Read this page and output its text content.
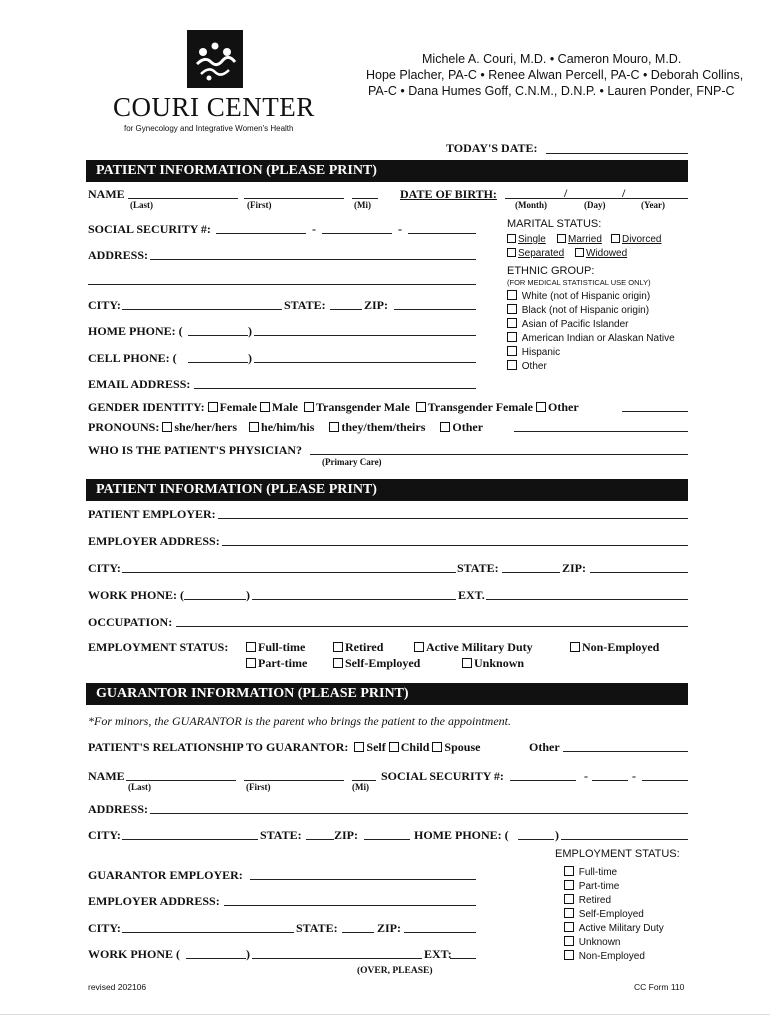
COURI CENTER
for Gynecology and Integrative Women's Health
Michele A. Couri, M.D. • Cameron Mouro, M.D.
Hope Placher, PA-C • Renee Alwan Percell, PA-C • Deborah Collins,
PA-C • Dana Humes Goff, C.N.M., D.N.P. • Lauren Ponder, FNP-C
TODAY'S DATE:
PATIENT INFORMATION (PLEASE PRINT)
NAME
(Last)	(First)	(Mi)
DATE OF BIRTH:	/	/
(Month)	(Day)	(Year)
SOCIAL SECURITY #:	-	-
ADDRESS:
CITY:	STATE:	ZIP:
HOME PHONE: (	)
CELL PHONE: (	)
EMAIL ADDRESS:
MARITAL STATUS:
Single	Married	Divorced
Separated	Widowed
ETHNIC GROUP:
(FOR MEDICAL STATISTICAL USE ONLY)
White (not of Hispanic origin)
Black (not of Hispanic origin)
Asian of Pacific Islander
American Indian or Alaskan Native
Hispanic
Other
GENDER IDENTITY: Female Male Transgender Male Transgender Female Other
PRONOUNS: she/her/hers he/him/his they/them/theirs Other
WHO IS THE PATIENT'S PHYSICIAN?
(Primary Care)
PATIENT INFORMATION (PLEASE PRINT)
PATIENT EMPLOYER:
EMPLOYER ADDRESS:
CITY:	STATE:	ZIP:
WORK PHONE: (	)	EXT.
OCCUPATION:
EMPLOYMENT STATUS:	Full-time
Part-time
Retired
Self-Employed
Active Military Duty
Unknown
Non-Employed
GUARANTOR INFORMATION (PLEASE PRINT)
*For minors, the GUARANTOR is the parent who brings the patient to the appointment.
PATIENT'S RELATIONSHIP TO GUARANTOR: Self Child Spouse	Other
NAME
(Last)	(First)	(Mi)
SOCIAL SECURITY #:	-	-
ADDRESS:
CITY:	STATE:	ZIP:	HOME PHONE: (	)
EMPLOYMENT STATUS:
Full-time
Part-time
Retired
Self-Employed
Active Military Duty
Unknown
Non-Employed
GUARANTOR EMPLOYER:
EMPLOYER ADDRESS:
CITY:	STATE:	ZIP:
WORK PHONE (	)	EXT:
(OVER, PLEASE)
revised 202106	CC Form 110
